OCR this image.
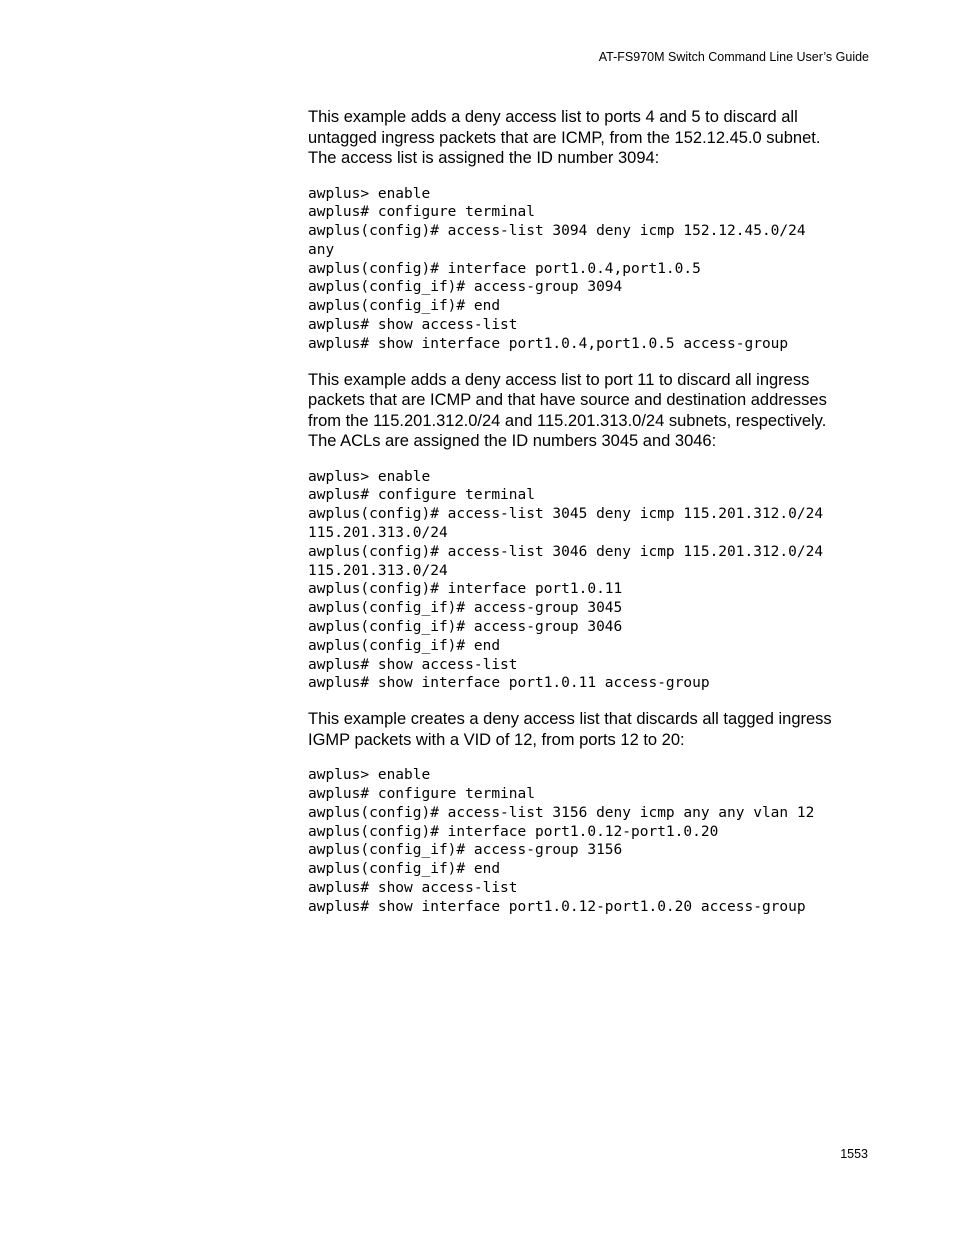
AT-FS970M Switch Command Line User’s Guide

This example adds a deny access list to ports 4 and 5 to discard all
untagged ingress packets that are ICMP, from the 152.12.45.0 subnet.
The access list is assigned the ID number 3094:

awplus> enable
awplus# configure terminal
awplus(config)# access-list 3094 deny icmp 152.12.45.0/24
any
awplus(config)# interface port1.0.4,port1.0.5
awplus(config_if)# access-group 3094
awplus(config_if)# end
awplus# show access-list
awplus# show interface port1.0.4,port1.0.5 access-group

This example adds a deny access list to port 11 to discard all ingress
packets that are ICMP and that have source and destination addresses
from the 115.201.312.0/24 and 115.201.313.0/24 subnets, respectively.
The ACLs are assigned the ID numbers 3045 and 3046:

awplus> enable
awplus# configure terminal
awplus(config)# access-list 3045 deny icmp 115.201.312.0/24
115.201.313.0/24
awplus(config)# access-list 3046 deny icmp 115.201.312.0/24
115.201.313.0/24
awplus(config)# interface port1.0.11
awplus(config_if)# access-group 3045
awplus(config_if)# access-group 3046
awplus(config_if)# end
awplus# show access-list
awplus# show interface port1.0.11 access-group

This example creates a deny access list that discards all tagged ingress
IGMP packets with a VID of 12, from ports 12 to 20:

awplus> enable
awplus# configure terminal
awplus(config)# access-list 3156 deny icmp any any vlan 12
awplus(config)# interface port1.0.12-port1.0.20
awplus(config_if)# access-group 3156
awplus(config_if)# end
awplus# show access-list
awplus# show interface port1.0.12-port1.0.20 access-group
1553
